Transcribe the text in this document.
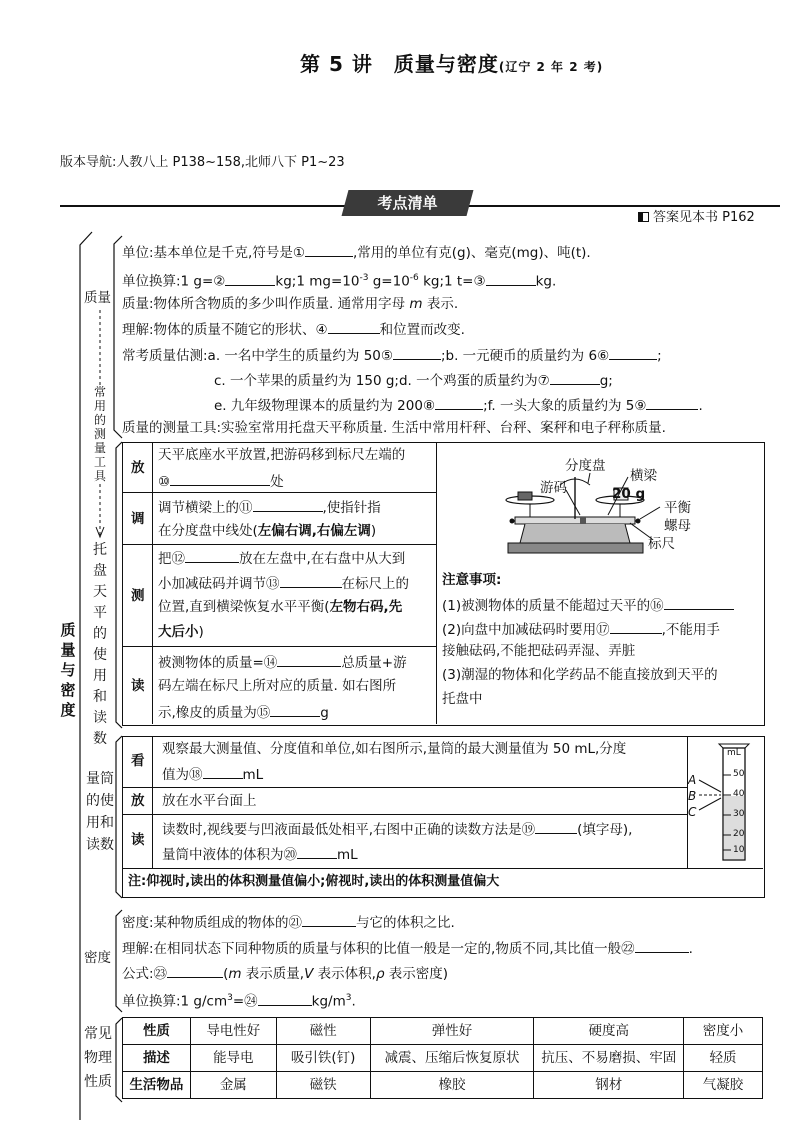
第 5 讲　质量与密度(辽宁 2 年 2 考)
版本导航:人教八上 P138~158,北师八下 P1~23
考点清单
答案见本书 P162
质量与密度
质量
常用的测量工具
托盘天平的使用和读数
量筒的使用和读数
密度
常见物理性质
单位:基本单位是千克,符号是①	,常用的单位有克(g)、毫克(mg)、吨(t).
单位换算:1 g=②	kg;1 $mg=10^{-3}$ $g=10^{-6}$ kg;1 t=③	kg.
质量:物体所含物质的多少叫作质量. 通常用字母 m 表示.
理解:物体的质量不随它的形状、④	和位置而改变.
常考质量估测:a. 一名中学生的质量约为 50⑤	;b. 一元硬币的质量约为 6⑥	;
c. 一个苹果的质量约为 150 g;d. 一个鸡蛋的质量约为⑦	g;
e. 九年级物理课本的质量约为 200⑧	;f. 一头大象的质量约为 5⑨	.
质量的测量工具:实验室常用托盘天平称质量. 生活中常用杆秤、台秤、案秤和电子秤称质量.
放
天平底座水平放置,把游码移到标尺左端的
⑩	处
调
调节横梁上的⑪	,使指针指
在分度盘中线处(左偏右调,右偏左调)
测
把⑫	放在左盘中,在右盘中从大到
小加减砝码并调节⑬	在标尺上的
位置,直到横梁恢复水平平衡(左物右码,先
大后小)
读
被测物体的质量=⑭	总质量+游
码左端在标尺上所对应的质量. 如右图所
示,橡皮的质量为⑮	g
分度盘
横梁
游码	20 g
平衡
螺母
标尺
注意事项:
(1)被测物体的质量不能超过天平的⑯
(2)向盘中加减砝码时要用⑰	,不能用手
接触砝码,不能把砝码弄湿、弄脏
(3)潮湿的物体和化学药品不能直接放到天平的
托盘中
看
观察最大测量值、分度值和单位,如右图所示,量筒的最大测量值为 50 mL,分度
值为⑱	mL
放 放在水平台面上
读
读数时,视线要与凹液面最低处相平,右图中正确的读数方法是⑲	(填字母),
量筒中液体的体积为⑳	mL
注:仰视时,读出的体积测量值偏小;俯视时,读出的体积测量值偏大
mL
50
40
30
20
10
A
B
C
密度:某种物质组成的物体的㉑	与它的体积之比.
理解:在相同状态下同种物质的质量与体积的比值一般是一定的,物质不同,其比值一般㉒	.
公式:㉓	(m 表示质量,V 表示体积,ρ 表示密度)
单位换算:1 $g/cm^3=㉔$	$kg/m^3$.
性质	导电性好	磁性	弹性好	硬度高	密度小
描述	能导电	吸引铁(钉)	减震、压缩后恢复原状	抗压、不易磨损、牢固	轻质
生活物品	金属	磁铁	橡胶	钢材	气凝胶
